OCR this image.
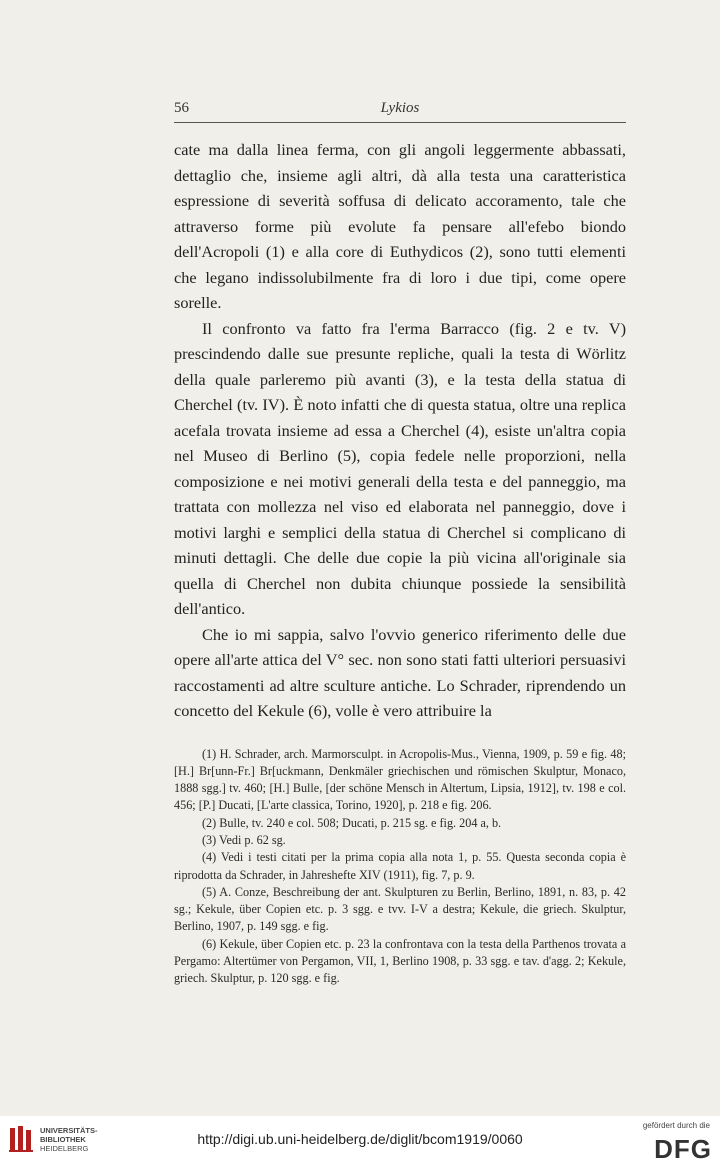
56	Lykios

cate ma dalla linea ferma, con gli angoli leggermente abbassati, dettaglio che, insieme agli altri, dà alla testa una caratteristica espressione di severità soffusa di delicato accoramento, tale che attraverso forme più evolute fa pensare all'efebo biondo dell'Acropoli (1) e alla core di Euthydicos (2), sono tutti elementi che legano indissolubilmente fra di loro i due tipi, come opere sorelle.

Il confronto va fatto fra l'erma Barracco (fig. 2 e tv. V) prescindendo dalle sue presunte repliche, quali la testa di Wörlitz della quale parleremo più avanti (3), e la testa della statua di Cherchel (tv. IV). È noto infatti che di questa statua, oltre una replica acefala trovata insieme ad essa a Cherchel (4), esiste un'altra copia nel Museo di Berlino (5), copia fedele nelle proporzioni, nella composizione e nei motivi generali della testa e del panneggio, ma trattata con mollezza nel viso ed elaborata nel panneggio, dove i motivi larghi e semplici della statua di Cherchel si complicano di minuti dettagli. Che delle due copie la più vicina all'originale sia quella di Cherchel non dubita chiunque possiede la sensibilità dell'antico.

Che io mi sappia, salvo l'ovvio generico riferimento delle due opere all'arte attica del V° sec. non sono stati fatti ulteriori persuasivi raccostamenti ad altre sculture antiche. Lo Schrader, riprendendo un concetto del Kekule (6), volle è vero attribuire la

(1) H. Schrader, arch. Marmorsculpt. in Acropolis-Mus., Vienna, 1909, p. 59 e fig. 48; [H.] Br[unn-Fr.] Br[uckmann, Denkmäler griechischen und römischen Skulptur, Monaco, 1888 sgg.] tv. 460; [H.] Bulle, [der schöne Mensch in Altertum, Lipsia, 1912], tv. 198 e col. 456; [P.] Ducati, [L'arte classica, Torino, 1920], p. 218 e fig. 206.

(2) Bulle, tv. 240 e col. 508; Ducati, p. 215 sg. e fig. 204 a, b.

(3) Vedi p. 62 sg.

(4) Vedi i testi citati per la prima copia alla nota 1, p. 55. Questa seconda copia è riprodotta da Schrader, in Jahreshefte XIV (1911), fig. 7, p. 9.

(5) A. Conze, Beschreibung der ant. Skulpturen zu Berlin, Berlino, 1891, n. 83, p. 42 sg.; Kekule, über Copien etc. p. 3 sgg. e tvv. I-V a destra; Kekule, die griech. Skulptur, Berlino, 1907, p. 149 sgg. e fig.

(6) Kekule, über Copien etc. p. 23 la confrontava con la testa della Parthenos trovata a Pergamo: Altertümer von Pergamon, VII, 1, Berlino 1908, p. 33 sgg. e tav. d'agg. 2; Kekule, griech. Skulptur, p. 120 sgg. e fig.

UNIVERSITÄTS-
BIBLIOTHEK
HEIDELBERG
http://digi.ub.uni-heidelberg.de/diglit/bcom1919/0060
gefördert durch die
DFG
